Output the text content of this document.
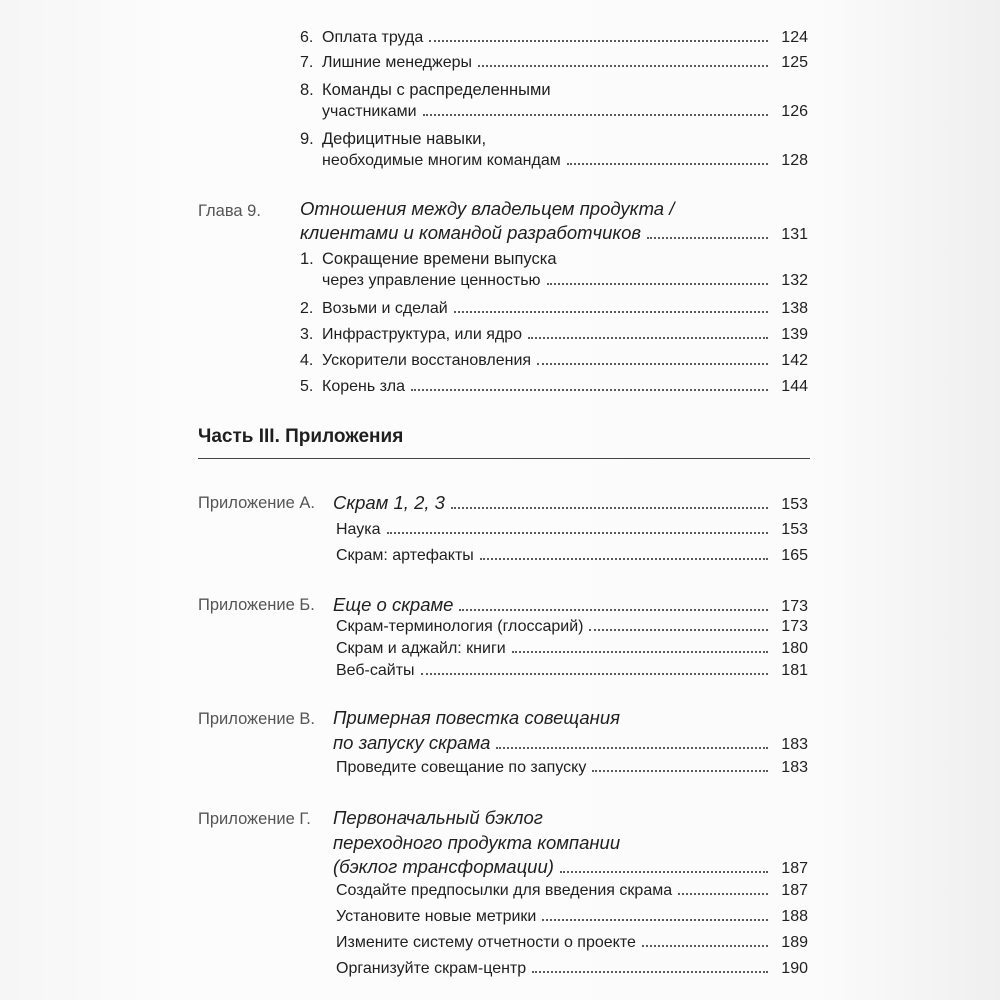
6. Оплата труда	124
7. Лишние менеджеры	125
8. Команды с распределенными
участниками	126
9. Дефицитные навыки,
необходимые многим командам	128
Глава 9. Отношения между владельцем продукта /
клиентами и командой разработчиков	131
1. Сокращение времени выпуска
через управление ценностью	132
2. Возьми и сделай	138
3. Инфраструктура, или ядро	139
4. Ускорители восстановления	142
5. Корень зла	144
Часть III. Приложения
Приложение А. Скрам 1, 2, 3	153
Наука	153
Скрам: артефакты	165
Приложение Б. Еще о скраме	173
Скрам-терминология (глоссарий)	173
Скрам и аджайл: книги	180
Веб-сайты	181
Приложение В. Примерная повестка совещания
по запуску скрама	183
Проведите совещание по запуску	183
Приложение Г. Первоначальный бэклог
переходного продукта компании
(бэклог трансформации)	187
Создайте предпосылки для введения скрама	187
Установите новые метрики	188
Измените систему отчетности о проекте	189
Организуйте скрам-центр	190
